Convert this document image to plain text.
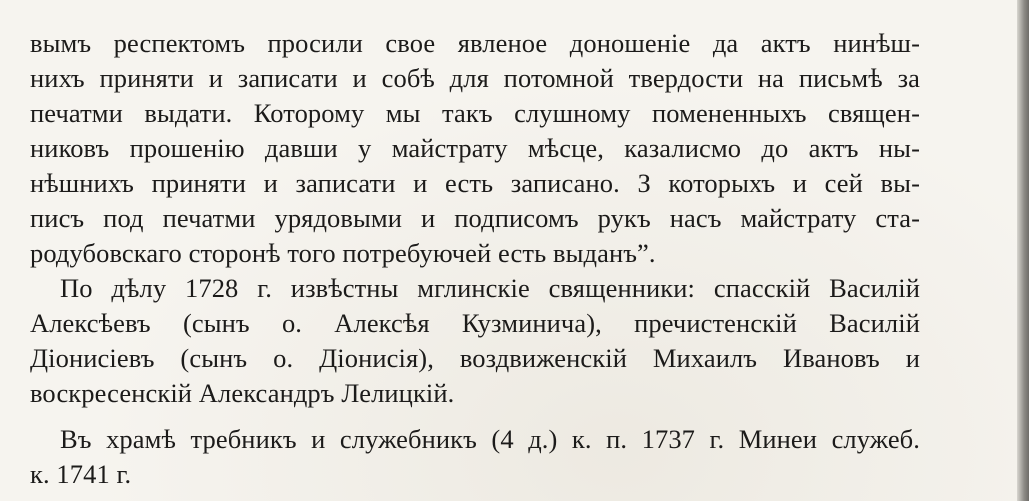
вымъ респектомъ просили свое явленое доношеніе да актъ нинѣш-
нихъ приняти и записати и собѣ для потомной твердости на письмѣ за
печатми выдати. Которому мы такъ слушному помененныхъ священ-
никовъ прошенію давши у майстрату мѣсце, казалисмо до актъ ны-
нѣшнихъ приняти и записати и есть записано. З которыхъ и сей вы-
писъ под печатми урядовыми и подписомъ рукъ насъ майстрату ста-
родубовскаго сторонѣ того потребуючей есть выданъ”.
По дѣлу 1728 г. извѣстны мглинскіе священники: спасскій Василій
Алексѣевъ (сынъ о. Алексѣя Кузминича), пречистенскій Василій
Діонисіевъ (сынъ о. Діонисія), воздвиженскій Михаилъ Ивановъ и
воскресенскій Александръ Лелицкій.
Въ храмѣ требникъ и служебникъ (4 д.) к. п. 1737 г. Минеи служеб.
к. 1741 г.
